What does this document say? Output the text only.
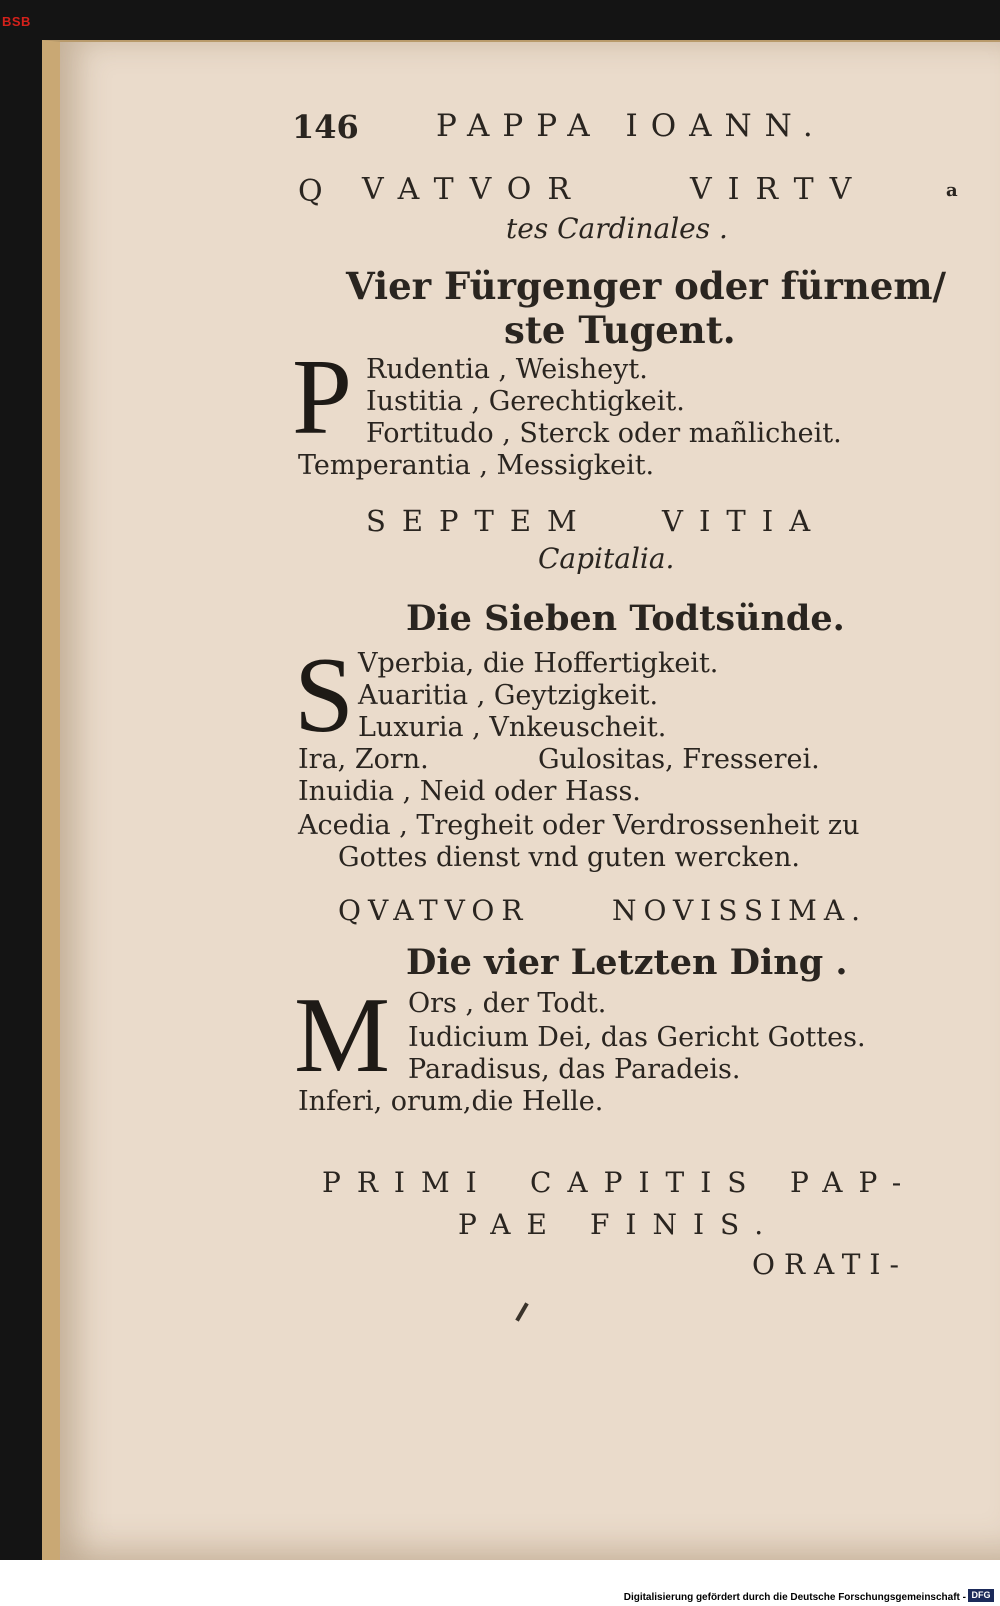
BSB
146 PAPPA IOANN.
Q VATVOR	VIRTV	a
tes Cardinales .
Vier Fürgenger oder fürnem/
ste Tugent.
P Rudentia , Weisheyt.
Iustitia , Gerechtigkeit.
Fortitudo , Sterck oder mañlicheit.
Temperantia , Messigkeit.
SEPTEM VITIA
Capitalia.
Die Sieben Todtsünde.
S Vperbia, die Hoffertigkeit.
Auaritia , Geytzigkeit.
Luxuria , Vnkeuscheit.
Ira, Zorn.	Gulositas, Fresserei.
Inuidia , Neid oder Hass.
Acedia , Tregheit oder Verdrossenheit zu
Gottes dienst vnd guten wercken.
QVATVOR	NOVISSIMA.
Die vier Letzten Ding .
M Ors , der Todt.
Iudicium Dei, das Gericht Gottes.
Paradisus, das Paradeis.
Inferi, orum,die Helle.
PRIMI CAPITIS PAP-
PAE FINIS.
ORATI-
Digitalisierung gefördert durch die Deutsche Forschungsgemeinschaft - DFG
